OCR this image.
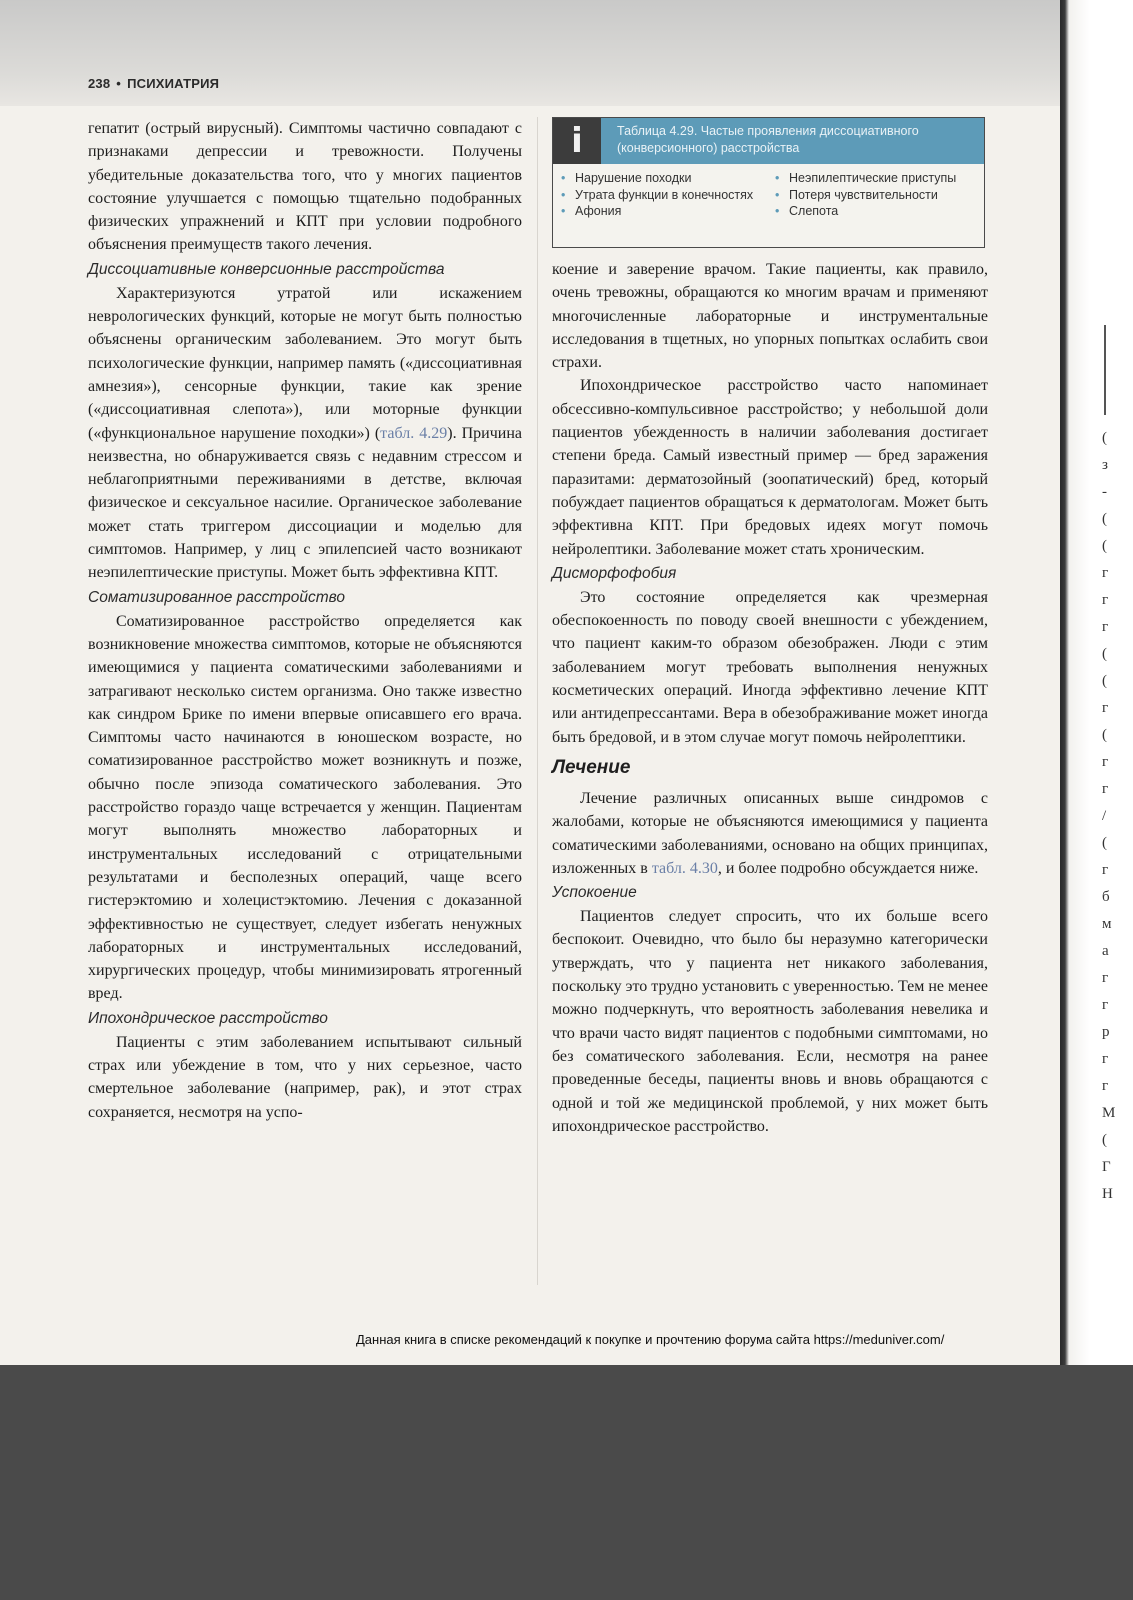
238 • ПСИХИАТРИЯ

гепатит (острый вирусный). Симптомы частично совпадают с признаками депрессии и тревожности. Получены убедительные доказательства того, что у многих пациентов состояние улучшается с помощью тщательно подобранных физических упражнений и КПТ при условии подробного объяснения преимуществ такого лечения.

Диссоциативные конверсионные расстройства

Характеризуются утратой или искажением неврологических функций, которые не могут быть полностью объяснены органическим заболеванием. Это могут быть психологические функции, например память («диссоциативная амнезия»), сенсорные функции, такие как зрение («диссоциативная слепота»), или моторные функции («функциональное нарушение походки») (табл. 4.29). Причина неизвестна, но обнаруживается связь с недавним стрессом и неблагоприятными переживаниями в детстве, включая физическое и сексуальное насилие. Органическое заболевание может стать триггером диссоциации и моделью для симптомов. Например, у лиц с эпилепсией часто возникают неэпилептические приступы. Может быть эффективна КПТ.

Соматизированное расстройство

Соматизированное расстройство определяется как возникновение множества симптомов, которые не объясняются имеющимися у пациента соматическими заболеваниями и затрагивают несколько систем организма. Оно также известно как синдром Брике по имени впервые описавшего его врача. Симптомы часто начинаются в юношеском возрасте, но соматизированное расстройство может возникнуть и позже, обычно после эпизода соматического заболевания. Это расстройство гораздо чаще встречается у женщин. Пациентам могут выполнять множество лабораторных и инструментальных исследований с отрицательными результатами и бесполезных операций, чаще всего гистерэктомию и холецистэктомию. Лечения с доказанной эффективностью не существует, следует избегать ненужных лабораторных и инструментальных исследований, хирургических процедур, чтобы минимизировать ятрогенный вред.

Ипохондрическое расстройство

Пациенты с этим заболеванием испытывают сильный страх или убеждение в том, что у них серьезное, часто смертельное заболевание (например, рак), и этот страх сохраняется, несмотря на успо-

i	Таблица 4.29. Частые проявления диссоциативного (конверсионного) расстройства
• Нарушение походки
• Утрата функции в конечностях
• Афония
• Неэпилептические приступы
• Потеря чувствительности
• Слепота

коение и заверение врачом. Такие пациенты, как правило, очень тревожны, обращаются ко многим врачам и применяют многочисленные лабораторные и инструментальные исследования в тщетных, но упорных попытках ослабить свои страхи.

Ипохондрическое расстройство часто напоминает обсессивно-компульсивное расстройство; у небольшой доли пациентов убежденность в наличии заболевания достигает степени бреда. Самый известный пример — бред заражения паразитами: дерматозойный (зоопатический) бред, который побуждает пациентов обращаться к дерматологам. Может быть эффективна КПТ. При бредовых идеях могут помочь нейролептики. Заболевание может стать хроническим.

Дисморфофобия

Это состояние определяется как чрезмерная обеспокоенность по поводу своей внешности с убеждением, что пациент каким-то образом обезображен. Люди с этим заболеванием могут требовать выполнения ненужных косметических операций. Иногда эффективно лечение КПТ или антидепрессантами. Вера в обезображивание может иногда быть бредовой, и в этом случае могут помочь нейролептики.

Лечение

Лечение различных описанных выше синдромов с жалобами, которые не объясняются имеющимися у пациента соматическими заболеваниями, основано на общих принципах, изложенных в табл. 4.30, и более подробно обсуждается ниже.

Успокоение

Пациентов следует спросить, что их больше всего беспокоит. Очевидно, что было бы неразумно категорически утверждать, что у пациента нет никакого заболевания, поскольку это трудно установить с уверенностью. Тем не менее можно подчеркнуть, что вероятность заболевания невелика и что врачи часто видят пациентов с подобными симптомами, но без соматического заболевания. Если, несмотря на ранее проведенные беседы, пациенты вновь и вновь обращаются с одной и той же медицинской проблемой, у них может быть ипохондрическое расстройство.

Данная книга в списке рекомендаций к покупке и прочтению форума сайта https://meduniver.com/
(
з
-
(
(
г
г
г
(
(
г
(
г
г
/
(
г
б
м
а
г
г
р
г
г
М
(
Г
Н
